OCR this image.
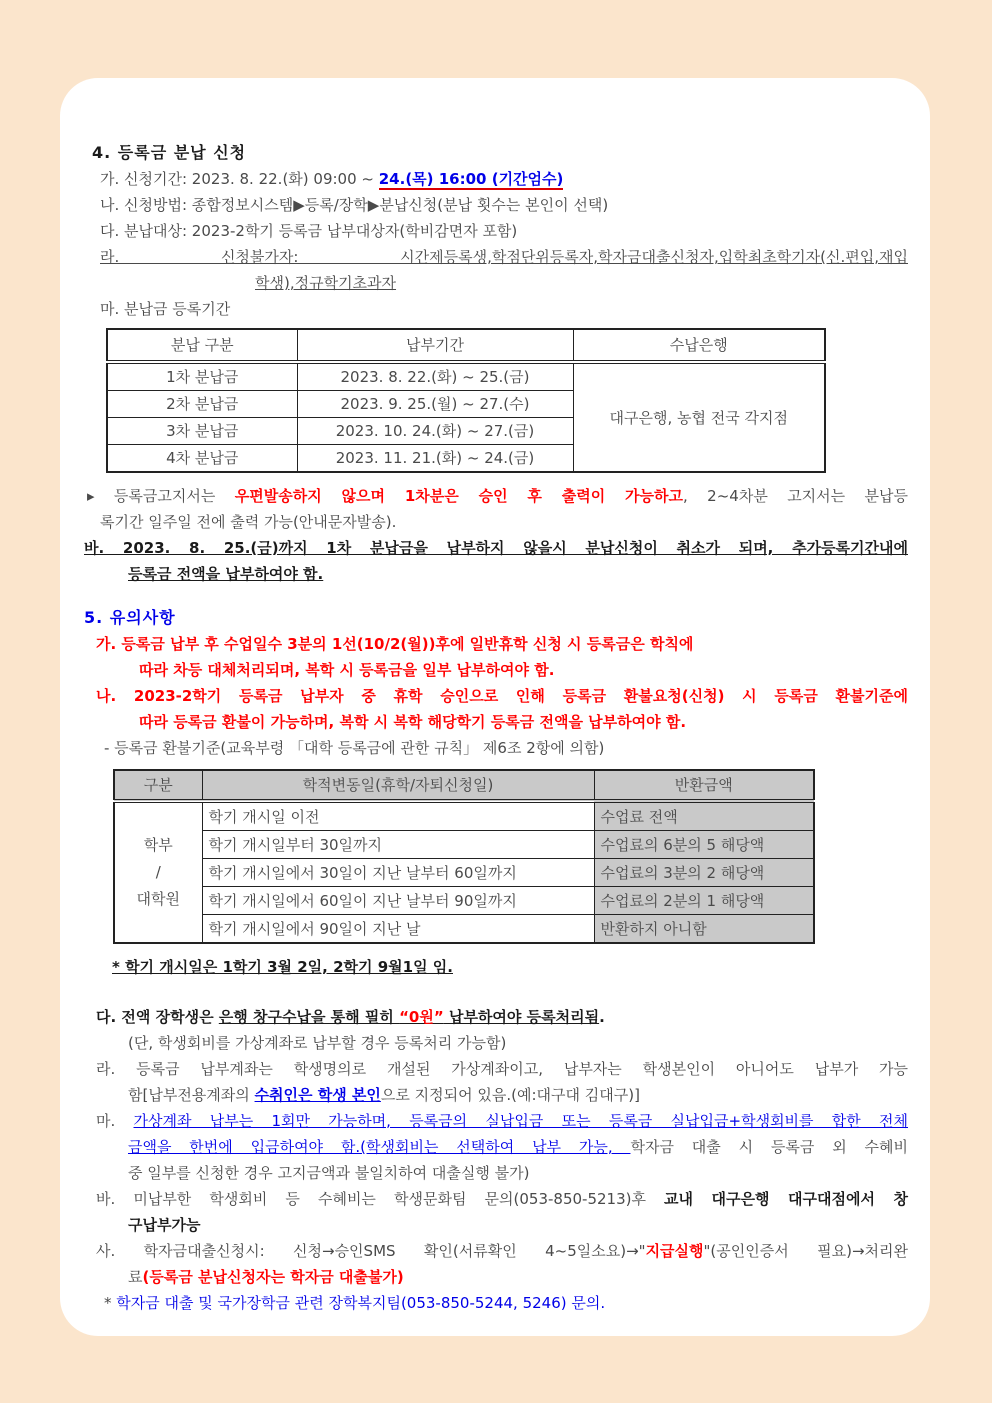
4. 등록금 분납 신청
가. 신청기간: 2023. 8. 22.(화) 09:00 ~ 24.(목) 16:00 (기간엄수)
나. 신청방법: 종합정보시스템▶등록/장학▶분납신청(분납 횟수는 본인이 선택)
다. 분납대상: 2023-2학기 등록금 납부대상자(학비감면자 포함)
라. 신청불가자: 시간제등록생,학점단위등록자,학자금대출신청자,입학최초학기자(신.편입,재입
학생),정규학기초과자
마. 분납금 등록기간
분납 구분	납부기간	수납은행
1차 분납금	2023. 8. 22.(화) ~ 25.(금)	대구은행, 농협 전국 각지점
2차 분납금	2023. 9. 25.(월) ~ 27.(수)	
3차 분납금	2023. 10. 24.(화) ~ 27.(금)	
4차 분납금	2023. 11. 21.(화) ~ 24.(금)	
▸ 등록금고지서는 우편발송하지 않으며 1차분은 승인 후 출력이 가능하고, 2~4차분 고지서는 분납등
록기간 일주일 전에 출력 가능(안내문자발송).
바. 2023. 8. 25.(금)까지 1차 분납금을 납부하지 않을시 분납신청이 취소가 되며, 추가등록기간내에
등록금 전액을 납부하여야 함.
5. 유의사항
가. 등록금 납부 후 수업일수 3분의 1선(10/2(월))후에 일반휴학 신청 시 등록금은 학칙에
따라 차등 대체처리되며, 복학 시 등록금을 일부 납부하여야 함.
나. 2023-2학기 등록금 납부자 중 휴학 승인으로 인해 등록금 환불요청(신청) 시 등록금 환불기준에
따라 등록금 환불이 가능하며, 복학 시 복학 해당학기 등록금 전액을 납부하여야 함.
- 등록금 환불기준(교육부령 「대학 등록금에 관한 규칙」 제6조 2항에 의함)
구분	학적변동일(휴학/자퇴신청일)	반환금액

학부
/
대학원	학기 개시일 이전	수업료 전액
	학기 개시일부터 30일까지	수업료의 6분의 5 해당액
	학기 개시일에서 30일이 지난 날부터 60일까지	수업료의 3분의 2 해당액
	학기 개시일에서 60일이 지난 날부터 90일까지	수업료의 2분의 1 해당액
	학기 개시일에서 90일이 지난 날	반환하지 아니함
* 학기 개시일은 1학기 3월 2일, 2학기 9월1일 임.
다. 전액 장학생은 은행 창구수납을 통해 필히 “0원” 납부하여야 등록처리됨.
(단, 학생회비를 가상계좌로 납부할 경우 등록처리 가능함)
라. 등록금 납부계좌는 학생명의로 개설된 가상계좌이고, 납부자는 학생본인이 아니어도 납부가 가능
함[납부전용계좌의 수취인은 학생 본인으로 지정되어 있음.(예:대구대 김대구)]
마. 가상계좌 납부는 1회만 가능하며, 등록금의 실납입금 또는 등록금 실납입금+학생회비를 합한 전체
금액을 한번에 입금하여야 함.(학생회비는 선택하여 납부 가능, 학자금 대출 시 등록금 외 수혜비
중 일부를 신청한 경우 고지금액과 불일치하여 대출실행 불가)
바. 미납부한 학생회비 등 수혜비는 학생문화팀 문의(053-850-5213)후 교내 대구은행 대구대점에서 창
구납부가능
사. 학자금대출신청시: 신청→승인SMS 확인(서류확인 4~5일소요)→"지급실행"(공인인증서 필요)→처리완
료(등록금 분납신청자는 학자금 대출불가)
* 학자금 대출 및 국가장학금 관련 장학복지팀(053-850-5244, 5246) 문의.
